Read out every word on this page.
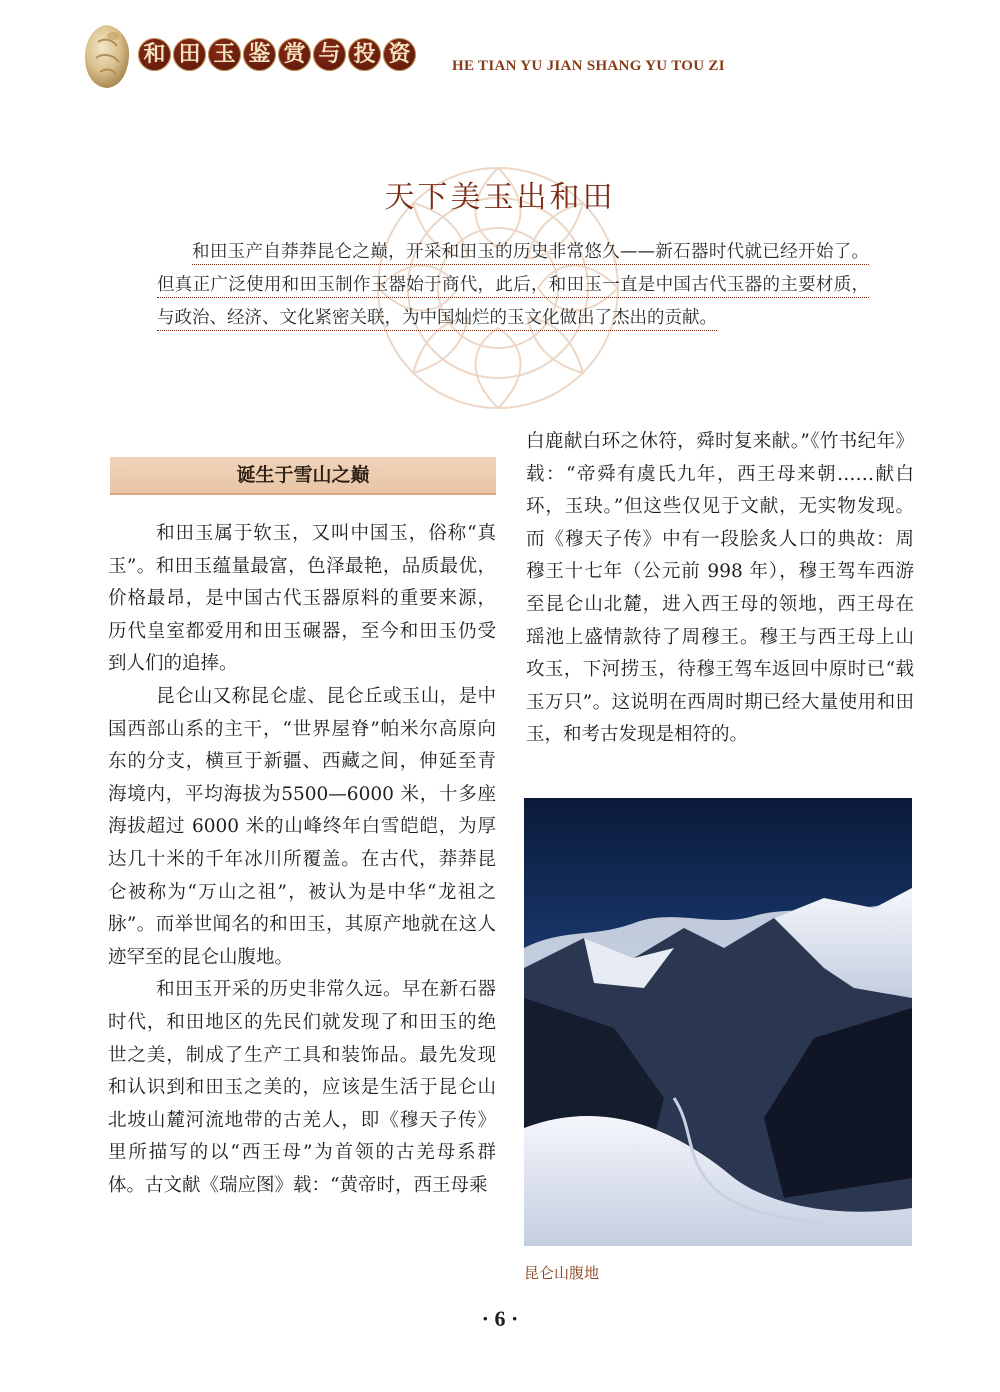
和 田 玉 鉴 赏 与 投 资	HE TIAN YU JIAN SHANG YU TOU ZI
天下美玉出和田

和田玉产自莽莽昆仑之巅，开采和田玉的历史非常悠久——新石器时代就已经开始了。但真正广泛使用和田玉制作玉器始于商代，此后，和田玉一直是中国古代玉器的主要材质，与政治、经济、文化紧密关联，为中国灿烂的玉文化做出了杰出的贡献。

诞生于雪山之巅

和田玉属于软玉，又叫中国玉，俗称“真玉”。和田玉蕴量最富，色泽最艳，品质最优，价格最昂，是中国古代玉器原料的重要来源，历代皇室都爱用和田玉碾器，至今和田玉仍受到人们的追捧。

昆仑山又称昆仑虚、昆仑丘或玉山，是中国西部山系的主干，“世界屋脊”帕米尔高原向东的分支，横亘于新疆、西藏之间，伸延至青海境内，平均海拔为5500—6000 米，十多座海拔超过 6000 米的山峰终年白雪皑皑，为厚达几十米的千年冰川所覆盖。在古代，莽莽昆仑被称为“万山之祖”，被认为是中华“龙祖之脉”。而举世闻名的和田玉，其原产地就在这人迹罕至的昆仑山腹地。

和田玉开采的历史非常久远。早在新石器时代，和田地区的先民们就发现了和田玉的绝世之美，制成了生产工具和装饰品。最先发现和认识到和田玉之美的，应该是生活于昆仑山北坡山麓河流地带的古羌人，即《穆天子传》里所描写的以“西王母”为首领的古羌母系群体。古文献《瑞应图》载：“黄帝时，西王母乘

白鹿献白环之休符，舜时复来献。”《竹书纪年》载：“帝舜有虞氏九年，西王母来朝……献白环，玉玦。”但这些仅见于文献，无实物发现。而《穆天子传》中有一段脍炙人口的典故：周穆王十七年（公元前 998 年），穆王驾车西游至昆仑山北麓，进入西王母的领地，西王母在瑶池上盛情款待了周穆王。穆王与西王母上山攻玉，下河捞玉，待穆王驾车返回中原时已“载玉万只”。这说明在西周时期已经大量使用和田玉，和考古发现是相符的。

昆仑山腹地
· 6 ·
